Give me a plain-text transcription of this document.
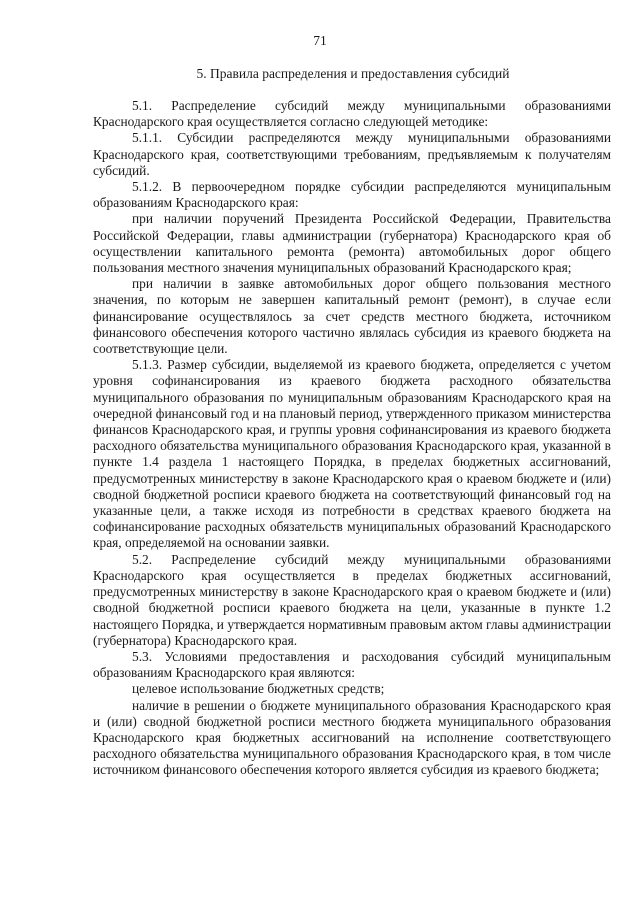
71
5. Правила распределения и предоставления субсидий

5.1. Распределение субсидий между муниципальными образованиями Краснодарского края осуществляется согласно следующей методике:

5.1.1. Субсидии распределяются между муниципальными образованиями Краснодарского края, соответствующими требованиям, предъявляемым к получателям субсидий.

5.1.2. В первоочередном порядке субсидии распределяются муниципальным образованиям Краснодарского края:

при наличии поручений Президента Российской Федерации, Правительства Российской Федерации, главы администрации (губернатора) Краснодарского края об осуществлении капитального ремонта (ремонта) автомобильных дорог общего пользования местного значения муниципальных образований Краснодарского края;

при наличии в заявке автомобильных дорог общего пользования местного значения, по которым не завершен капитальный ремонт (ремонт), в случае если финансирование осуществлялось за счет средств местного бюджета, источником финансового обеспечения которого частично являлась субсидия из краевого бюджета на соответствующие цели.

5.1.3. Размер субсидии, выделяемой из краевого бюджета, определяется с учетом уровня софинансирования из краевого бюджета расходного обязательства муниципального образования по муниципальным образованиям Краснодарского края на очередной финансовый год и на плановый период, утвержденного приказом министерства финансов Краснодарского края, и группы уровня софинансирования из краевого бюджета расходного обязательства муниципального образования Краснодарского края, указанной в пункте 1.4 раздела 1 настоящего Порядка, в пределах бюджетных ассигнований, предусмотренных министерству в законе Краснодарского края о краевом бюджете и (или) сводной бюджетной росписи краевого бюджета на соответствующий финансовый год на указанные цели, а также исходя из потребности в средствах краевого бюджета на софинансирование расходных обязательств муниципальных образований Краснодарского края, определяемой на основании заявки.

5.2. Распределение субсидий между муниципальными образованиями Краснодарского края осуществляется в пределах бюджетных ассигнований, предусмотренных министерству в законе Краснодарского края о краевом бюджете и (или) сводной бюджетной росписи краевого бюджета на цели, указанные в пункте 1.2 настоящего Порядка, и утверждается нормативным правовым актом главы администрации (губернатора) Краснодарского края.

5.3. Условиями предоставления и расходования субсидий муниципальным образованиям Краснодарского края являются:

целевое использование бюджетных средств;

наличие в решении о бюджете муниципального образования Краснодарского края и (или) сводной бюджетной росписи местного бюджета муниципального образования Краснодарского края бюджетных ассигнований на исполнение соответствующего расходного обязательства муниципального образования Краснодарского края, в том числе источником финансового обеспечения которого является субсидия из краевого бюджета;
